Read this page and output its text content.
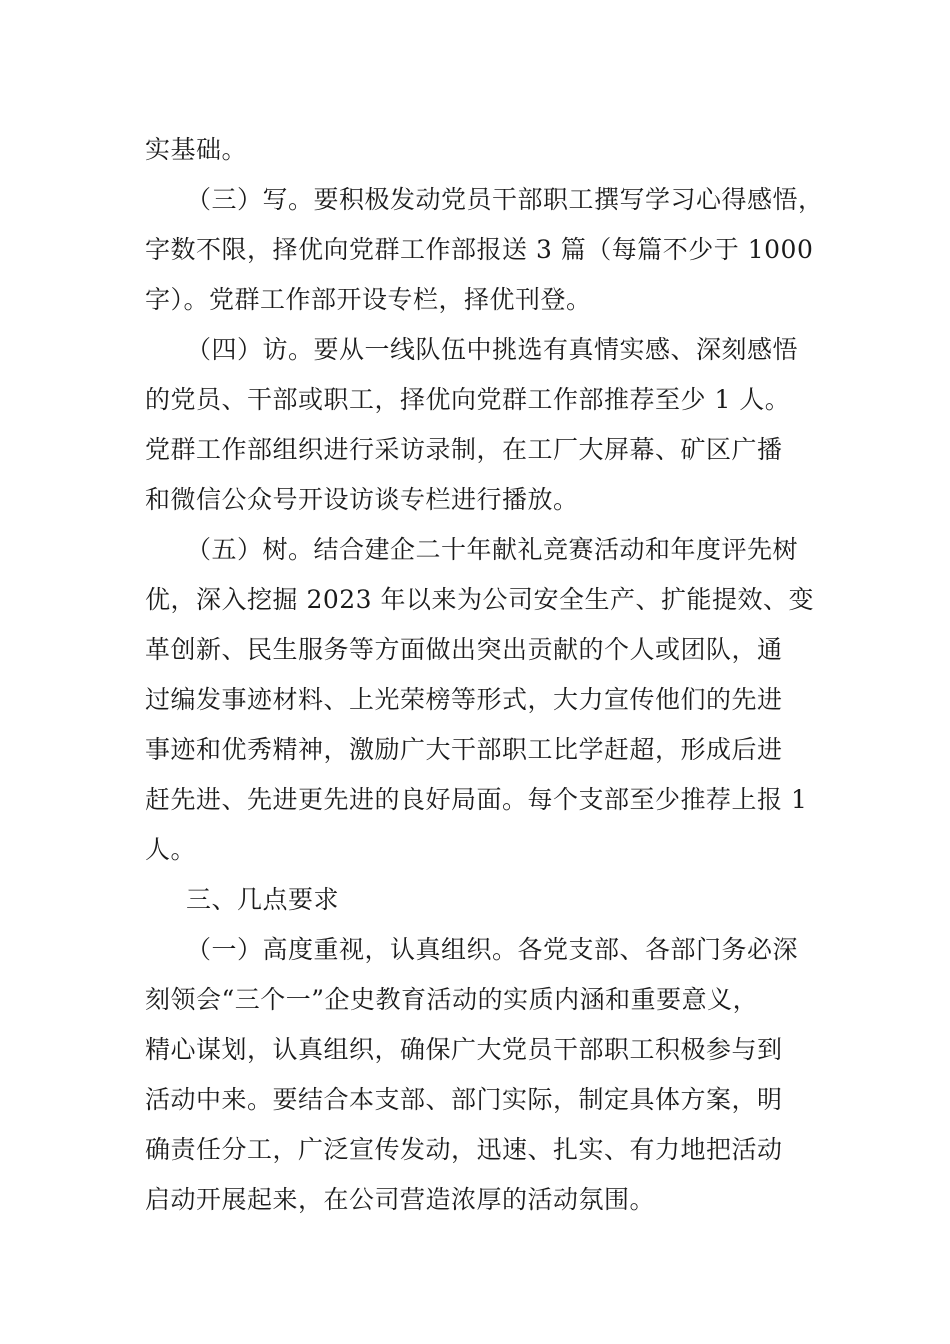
实基础。
（三）写。要积极发动党员干部职工撰写学习心得感悟，
字数不限，择优向党群工作部报送 3 篇（每篇不少于 1000
字）。党群工作部开设专栏，择优刊登。
（四）访。要从一线队伍中挑选有真情实感、深刻感悟
的党员、干部或职工，择优向党群工作部推荐至少 1 人。
党群工作部组织进行采访录制，在工厂大屏幕、矿区广播
和微信公众号开设访谈专栏进行播放。
（五）树。结合建企二十年献礼竞赛活动和年度评先树
优，深入挖掘 2023 年以来为公司安全生产、扩能提效、变
革创新、民生服务等方面做出突出贡献的个人或团队，通
过编发事迹材料、上光荣榜等形式，大力宣传他们的先进
事迹和优秀精神，激励广大干部职工比学赶超，形成后进
赶先进、先进更先进的良好局面。每个支部至少推荐上报 1
人。
三、几点要求
（一）高度重视，认真组织。各党支部、各部门务必深
刻领会“三个一”企史教育活动的实质内涵和重要意义，
精心谋划，认真组织，确保广大党员干部职工积极参与到
活动中来。要结合本支部、部门实际，制定具体方案，明
确责任分工，广泛宣传发动，迅速、扎实、有力地把活动
启动开展起来，在公司营造浓厚的活动氛围。
